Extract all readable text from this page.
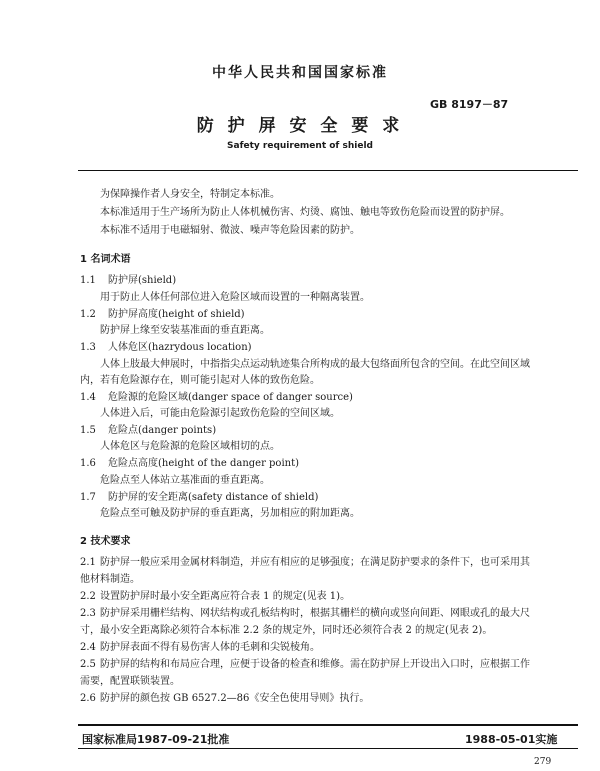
中华人民共和国国家标准
GB 8197－87
防 护 屏 安 全 要 求
Safety requirement of shield
为保障操作者人身安全，特制定本标准。
本标准适用于生产场所为防止人体机械伤害、灼烫、腐蚀、触电等致伤危险而设置的防护屏。
本标准不适用于电磁辐射、微波、噪声等危险因素的防护。
1 名词术语
1.1 防护屏(shield)
用于防止人体任何部位进入危险区域而设置的一种隔离装置。
1.2 防护屏高度(height of shield)
防护屏上缘至安装基准面的垂直距离。
1.3 人体危区(hazrydous location)
人体上肢最大伸展时，中指指尖点运动轨迹集合所构成的最大包络面所包含的空间。在此空间区域
内，若有危险源存在，则可能引起对人体的致伤危险。
1.4 危险源的危险区域(danger space of danger source)
人体进入后，可能由危险源引起致伤危险的空间区域。
1.5 危险点(danger points)
人体危区与危险源的危险区域相切的点。
1.6 危险点高度(height of the danger point)
危险点至人体站立基准面的垂直距离。
1.7 防护屏的安全距离(safety distance of shield)
危险点至可触及防护屏的垂直距离，另加相应的附加距离。
2 技术要求
2.1 防护屏一般应采用金属材料制造，并应有相应的足够强度；在满足防护要求的条件下，也可采用其
他材料制造。
2.2 设置防护屏时最小安全距离应符合表 1 的规定(见表 1)。
2.3 防护屏采用栅栏结构、网状结构或孔板结构时，根据其栅栏的横向或竖向间距、网眼或孔的最大尺
寸，最小安全距离除必须符合本标准 2.2 条的规定外，同时还必须符合表 2 的规定(见表 2)。
2.4 防护屏表面不得有易伤害人体的毛刺和尖锐棱角。
2.5 防护屏的结构和布局应合理，应便于设备的检查和维修。需在防护屏上开设出入口时，应根据工作
需要，配置联锁装置。
2.6 防护屏的颜色按 GB 6527.2—86《安全色使用导则》执行。
国家标准局1987-09-21批准	1988-05-01实施
279
